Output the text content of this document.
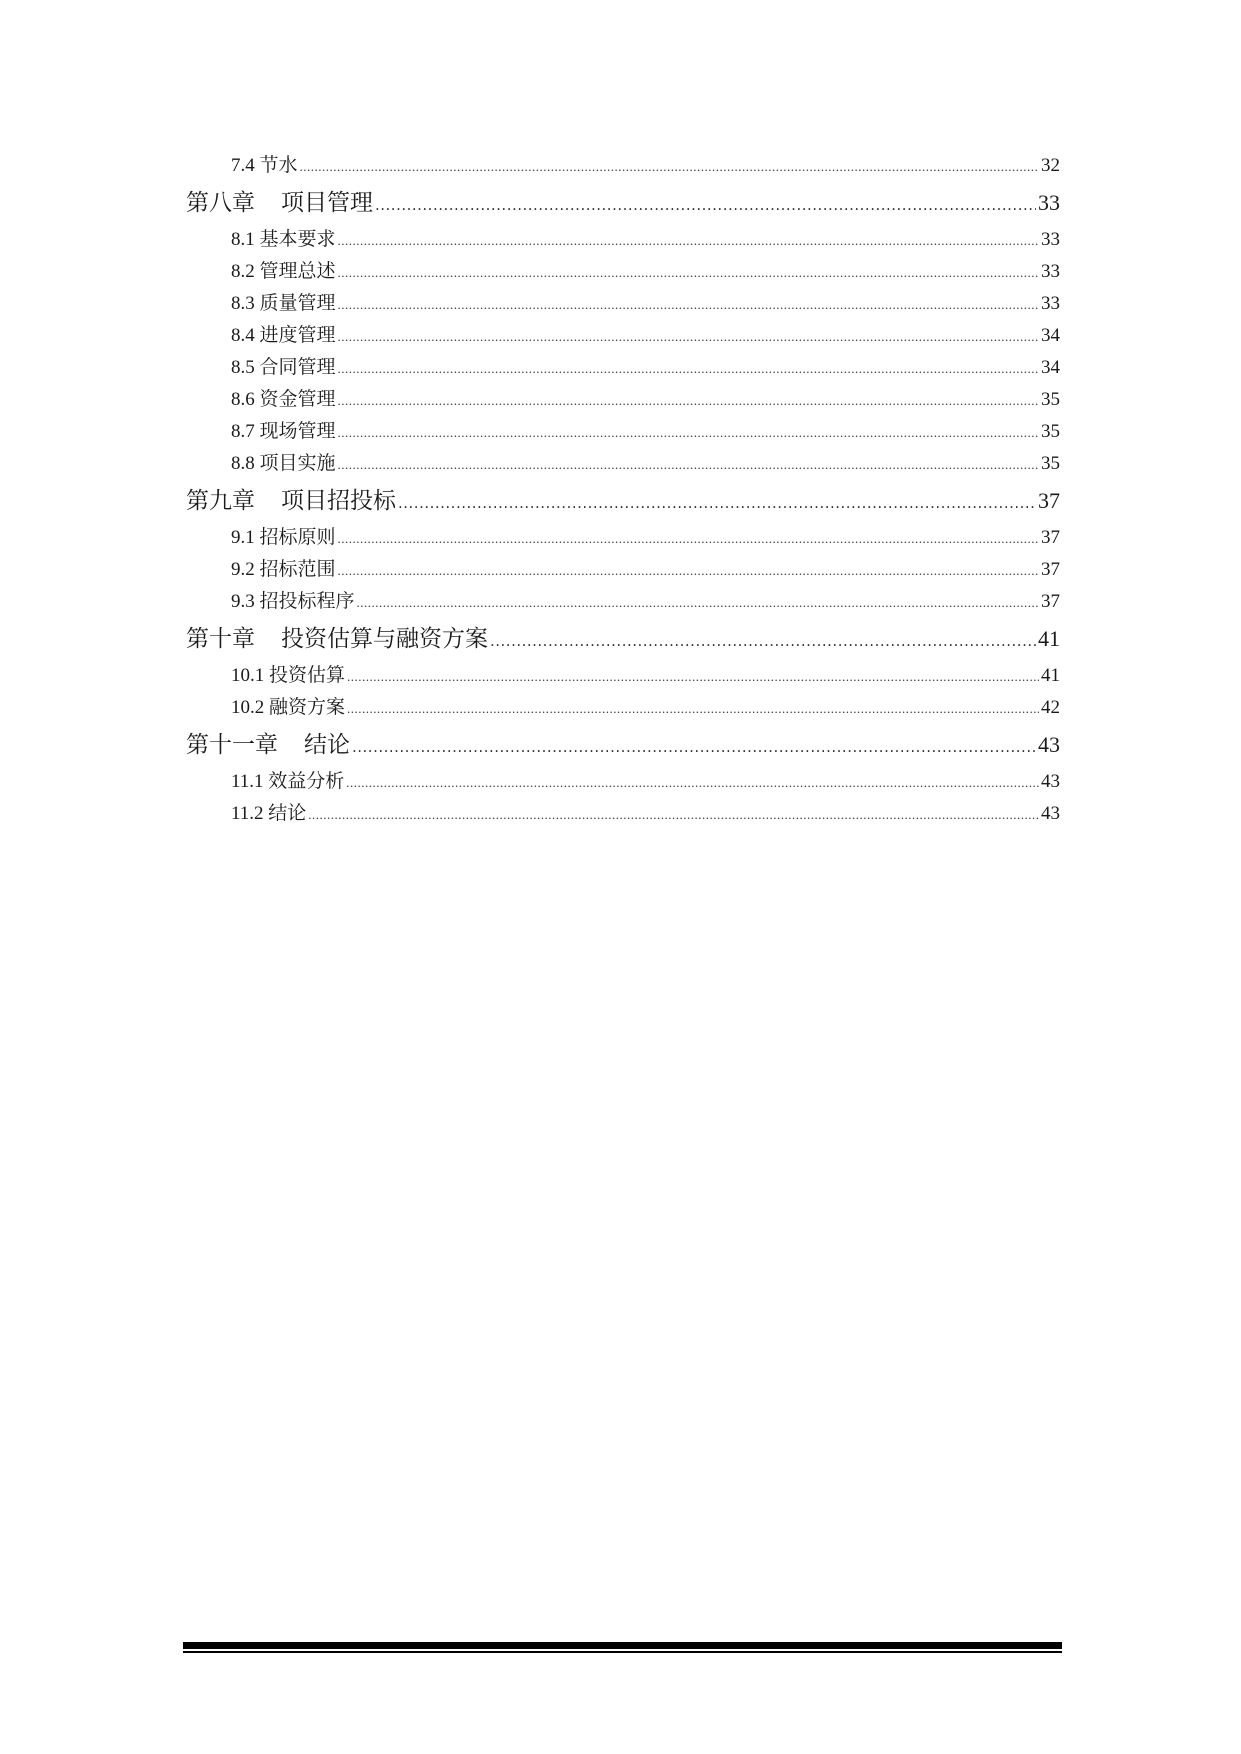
7.4 节水 .....	32
第八章 项目管理 .....	33
8.1 基本要求 .....	33
8.2 管理总述 .....	33
8.3 质量管理 .....	33
8.4 进度管理 .....	34
8.5 合同管理 .....	34
8.6 资金管理 .....	35
8.7 现场管理 .....	35
8.8 项目实施 .....	35
第九章 项目招投标 .....	37
9.1 招标原则 .....	37
9.2 招标范围 .....	37
9.3 招投标程序 .....	37
第十章 投资估算与融资方案 .....	41
10.1 投资估算 .....	41
10.2 融资方案 .....	42
第十一章 结论 .....	43
11.1 效益分析 .....	43
11.2 结论 .....	43
